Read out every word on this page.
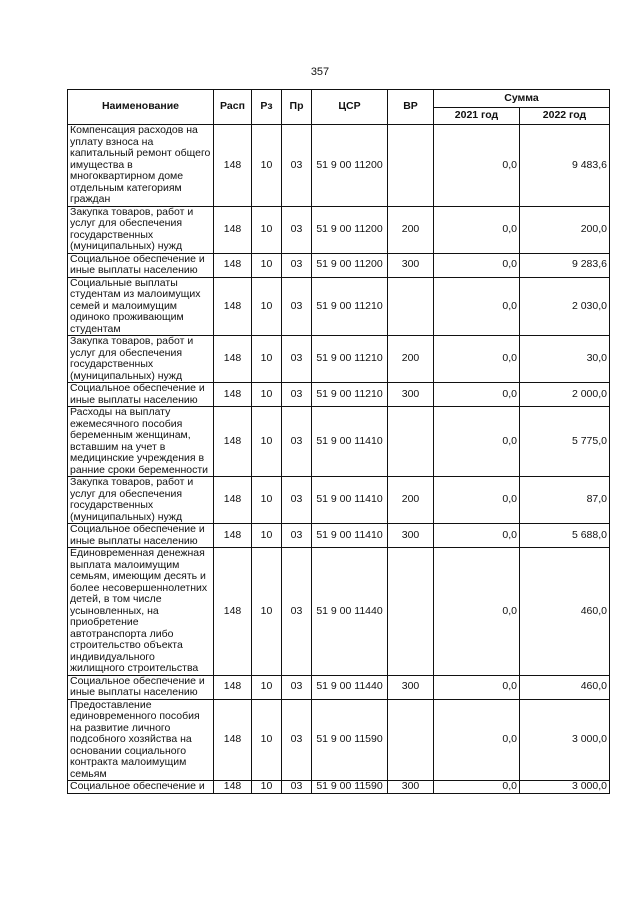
357
Наименование	Расп	Рз	Пр	ЦСР	ВР	Сумма	
						2021 год	2022 год
Компенсация расходов на уплату взноса на капитальный ремонт общего имущества в многоквартирном доме отдельным категориям граждан	148	10	03	51 9 00 11200		0,0	9 483,6
Закупка товаров, работ и услуг для обеспечения государственных (муниципальных) нужд	148	10	03	51 9 00 11200	200	0,0	200,0
Социальное обеспечение и иные выплаты населению	148	10	03	51 9 00 11200	300	0,0	9 283,6
Социальные выплаты студентам из малоимущих семей и малоимущим одиноко проживающим студентам	148	10	03	51 9 00 11210		0,0	2 030,0
Закупка товаров, работ и услуг для обеспечения государственных (муниципальных) нужд	148	10	03	51 9 00 11210	200	0,0	30,0
Социальное обеспечение и иные выплаты населению	148	10	03	51 9 00 11210	300	0,0	2 000,0
Расходы на выплату ежемесячного пособия беременным женщинам, вставшим на учет в медицинские учреждения в ранние сроки беременности	148	10	03	51 9 00 11410		0,0	5 775,0
Закупка товаров, работ и услуг для обеспечения государственных (муниципальных) нужд	148	10	03	51 9 00 11410	200	0,0	87,0
Социальное обеспечение и иные выплаты населению	148	10	03	51 9 00 11410	300	0,0	5 688,0
Единовременная денежная выплата малоимущим семьям, имеющим десять и более несовершеннолетних детей, в том числе усыновленных, на приобретение автотранспорта либо строительство объекта индивидуального жилищного строительства	148	10	03	51 9 00 11440		0,0	460,0
Социальное обеспечение и иные выплаты населению	148	10	03	51 9 00 11440	300	0,0	460,0
Предоставление единовременного пособия на развитие личного подсобного хозяйства на основании социального контракта малоимущим семьям	148	10	03	51 9 00 11590		0,0	3 000,0
Социальное обеспечение и	148	10	03	51 9 00 11590	300	0,0	3 000,0
